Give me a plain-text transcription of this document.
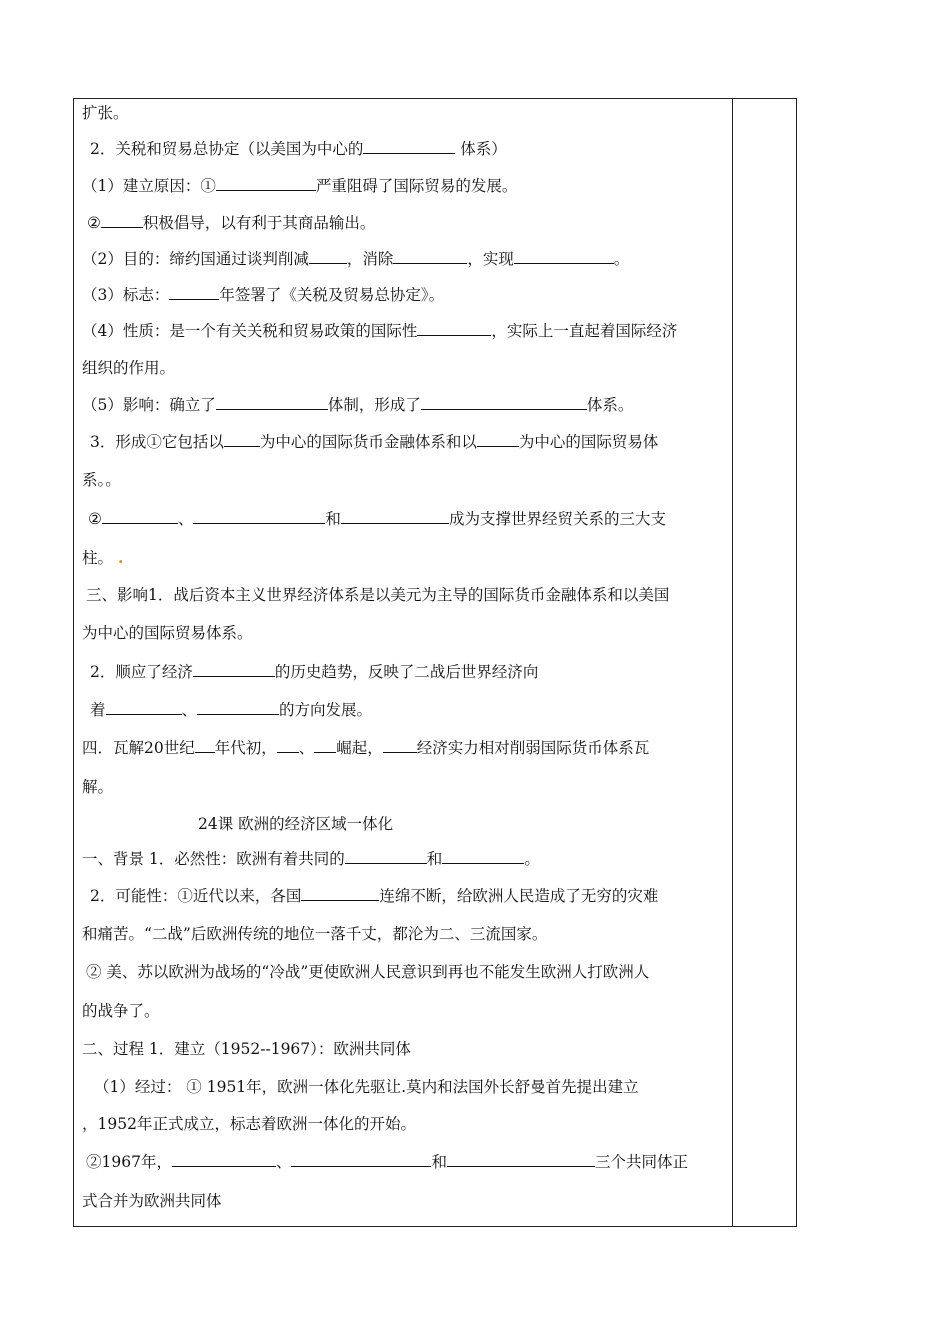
扩张。
2．关税和贸易总协定（以美国为中心的	体系）
（1）建立原因：①	严重阻碍了国际贸易的发展。
②	积极倡导，以有利于其商品输出。
（2）目的：缔约国通过谈判削减 ，消除	，实现	。
（3）标志：	年签署了《关税及贸易总协定》。
（4）性质：是一个有关关税和贸易政策的国际性	，实际上一直起着国际经济
组织的作用。
（5）影响：确立了	体制，形成了	体系。
3．形成①它包括以 为中心的国际货币金融体系和以	为中心的国际贸易体
系。。
②	、	和	成为支撑世界经贸关系的三大支
柱。 .
三、影响1．战后资本主义世界经济体系是以美元为主导的国际货币金融体系和以美国
为中心的国际贸易体系。
2．顺应了经济	的历史趋势，反映了二战后世界经济向
着	、	的方向发展。
四．瓦解20世纪 年代初， 、 崛起， 经济实力相对削弱国际货币体系瓦
解。
24课 欧洲的经济区域一体化
一、背景 1．必然性：欧洲有着共同的	和	。
2．可能性：①近代以来，各国	连绵不断，给欧洲人民造成了无穷的灾难
和痛苦。“二战”后欧洲传统的地位一落千丈，都沦为二、三流国家。
② 美、苏以欧洲为战场的“冷战”更使欧洲人民意识到再也不能发生欧洲人打欧洲人
的战争了。
二、过程 1．建立（1952--1967）：欧洲共同体
（1）经过： ① 1951年，欧洲一体化先驱让.莫内和法国外长舒曼首先提出建立
，1952年正式成立，标志着欧洲一体化的开始。
②1967年，	、	和	三个共同体正
式合并为欧洲共同体
